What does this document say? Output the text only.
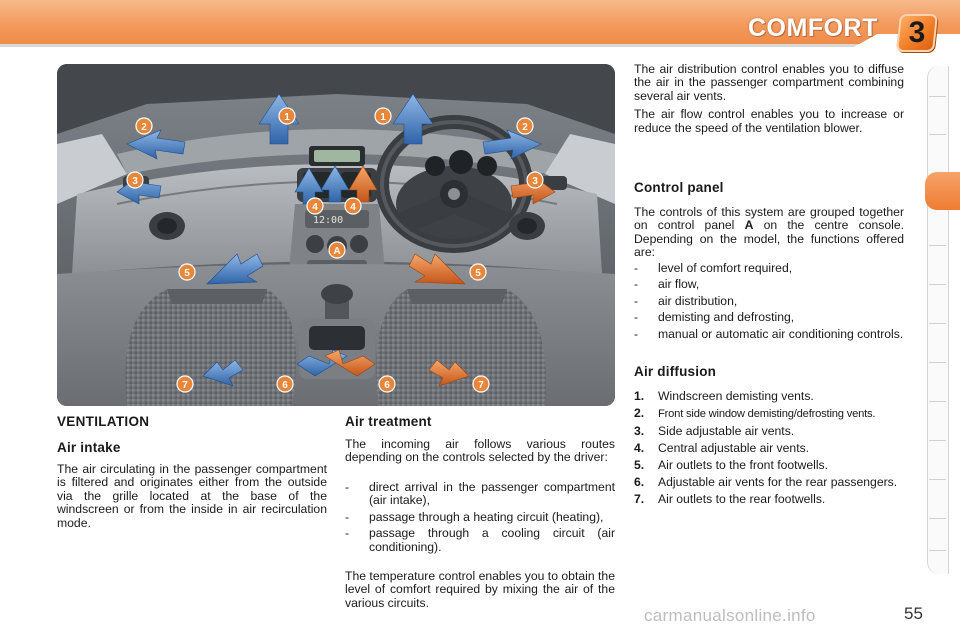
COMFORT	3
12:00
1	1
2	2
3	3
4	4
5	5
6	6
7	7
A
VENTILATION
Air intake

The air circulating in the passenger compartment is filtered and originates either from the outside via the grille located at the base of the windscreen or from the inside in air recirculation mode.

Air treatment

The incoming air follows various routes depending on the controls selected by the driver:

- direct arrival in the passenger compartment (air intake),
- passage through a heating circuit (heating),
- passage through a cooling circuit (air conditioning).

The temperature control enables you to obtain the level of comfort required by mixing the air of the various circuits.

The air distribution control enables you to diffuse the air in the passenger compartment combining several air vents.

The air flow control enables you to increase or reduce the speed of the ventilation blower.

Control panel

The controls of this system are grouped together on control panel A on the centre console. Depending on the model, the functions offered are:

- level of comfort required,
- air flow,
- air distribution,
- demisting and defrosting,
- manual or automatic air conditioning controls.
Air diffusion
1. Windscreen demisting vents.
2. Front side window demisting/defrosting vents.
3. Side adjustable air vents.
4. Central adjustable air vents.
5. Air outlets to the front footwells.
6. Adjustable air vents for the rear passengers.
7. Air outlets to the rear footwells.
carmanualsonline.info	55
